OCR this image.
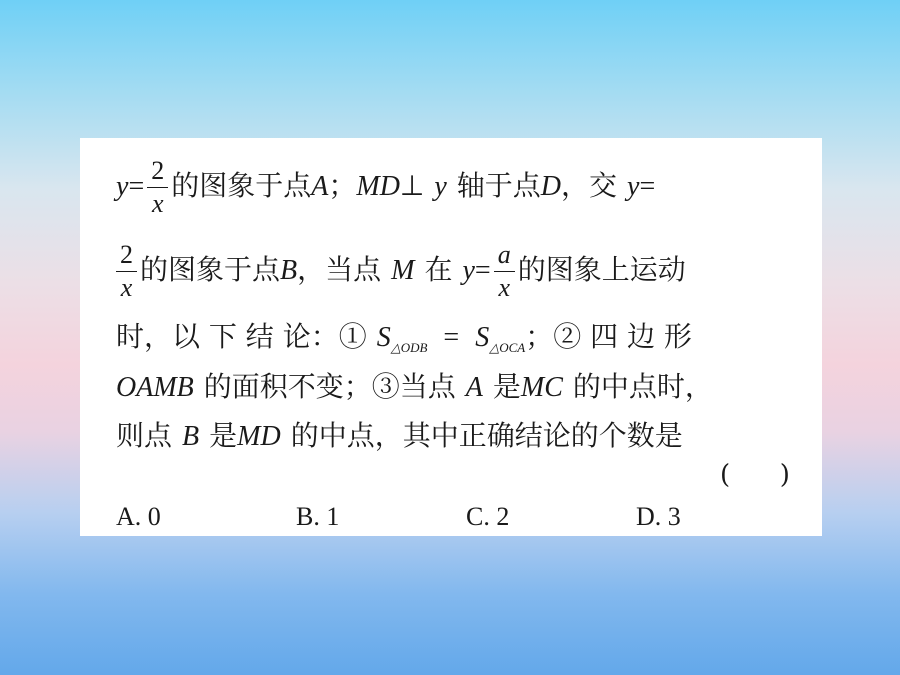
$y= \frac{2}{x}$ 的图象于点A；MD⊥ y 轴于点D，交 y=
$\frac{2}{x}$ 的图象于点B，当点 M 在 $y= \frac{a}{x}$ 的图象上运动
时，以 下 结 论：① $S_{\triangle ODB} = S_{\triangle OCA}$；② 四 边 形
OAMB 的面积不变；③当点 A 是MC 的中点时，
则点 B 是MD 的中点，其中正确结论的个数是
(      )
A. 0	B. 1	C. 2	D. 3
